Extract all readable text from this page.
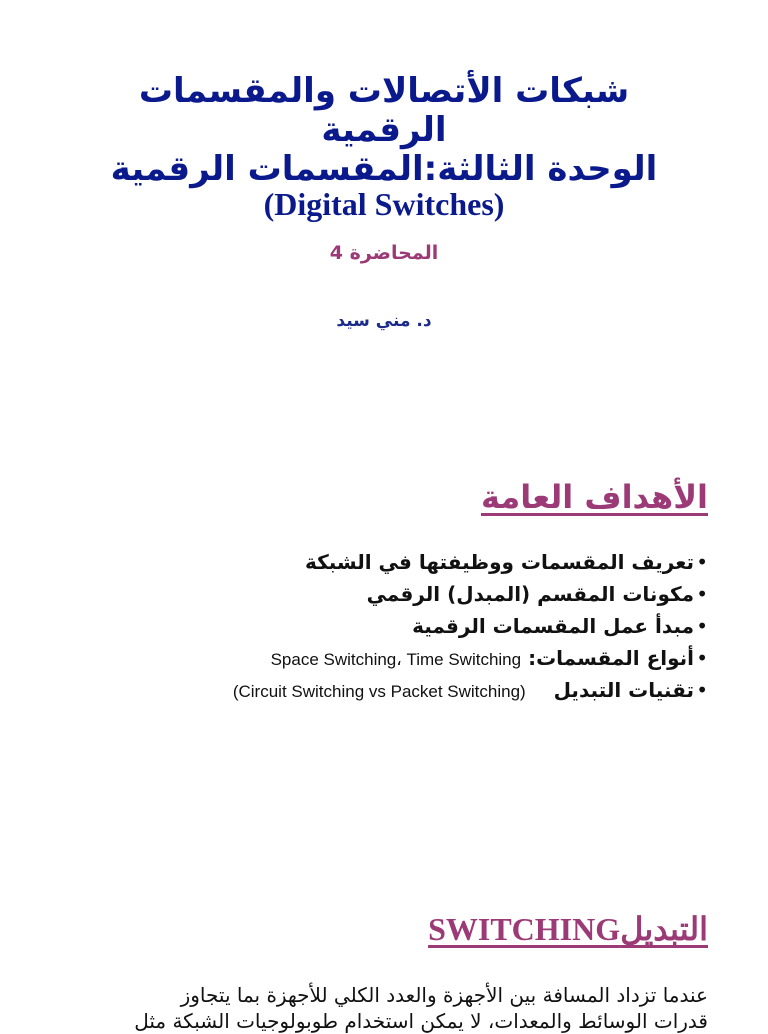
شبكات الأتصالات والمقسمات
الرقمية
الوحدة الثالثة:المقسمات الرقمية
(Digital Switches)
المحاضرة 4
د. مني سيد
الأهداف العامة
•تعريف المقسمات ووظيفتها في الشبكة
•مكونات المقسم (المبدل) الرقمي
•مبدأ عمل المقسمات الرقمية
•أنواع المقسمات: Space Switching، Time Switching
•تقنيات التبديل    (Circuit Switching vs Packet Switching)
التبديلSWITCHING

عندما تزداد المسافة بين الأجهزة والعدد الكلي للأجهزة بما يتجاوز

قدرات الوسائط والمعدات، لا يمكن استخدام طوبولوجيات الشبكة مثل
